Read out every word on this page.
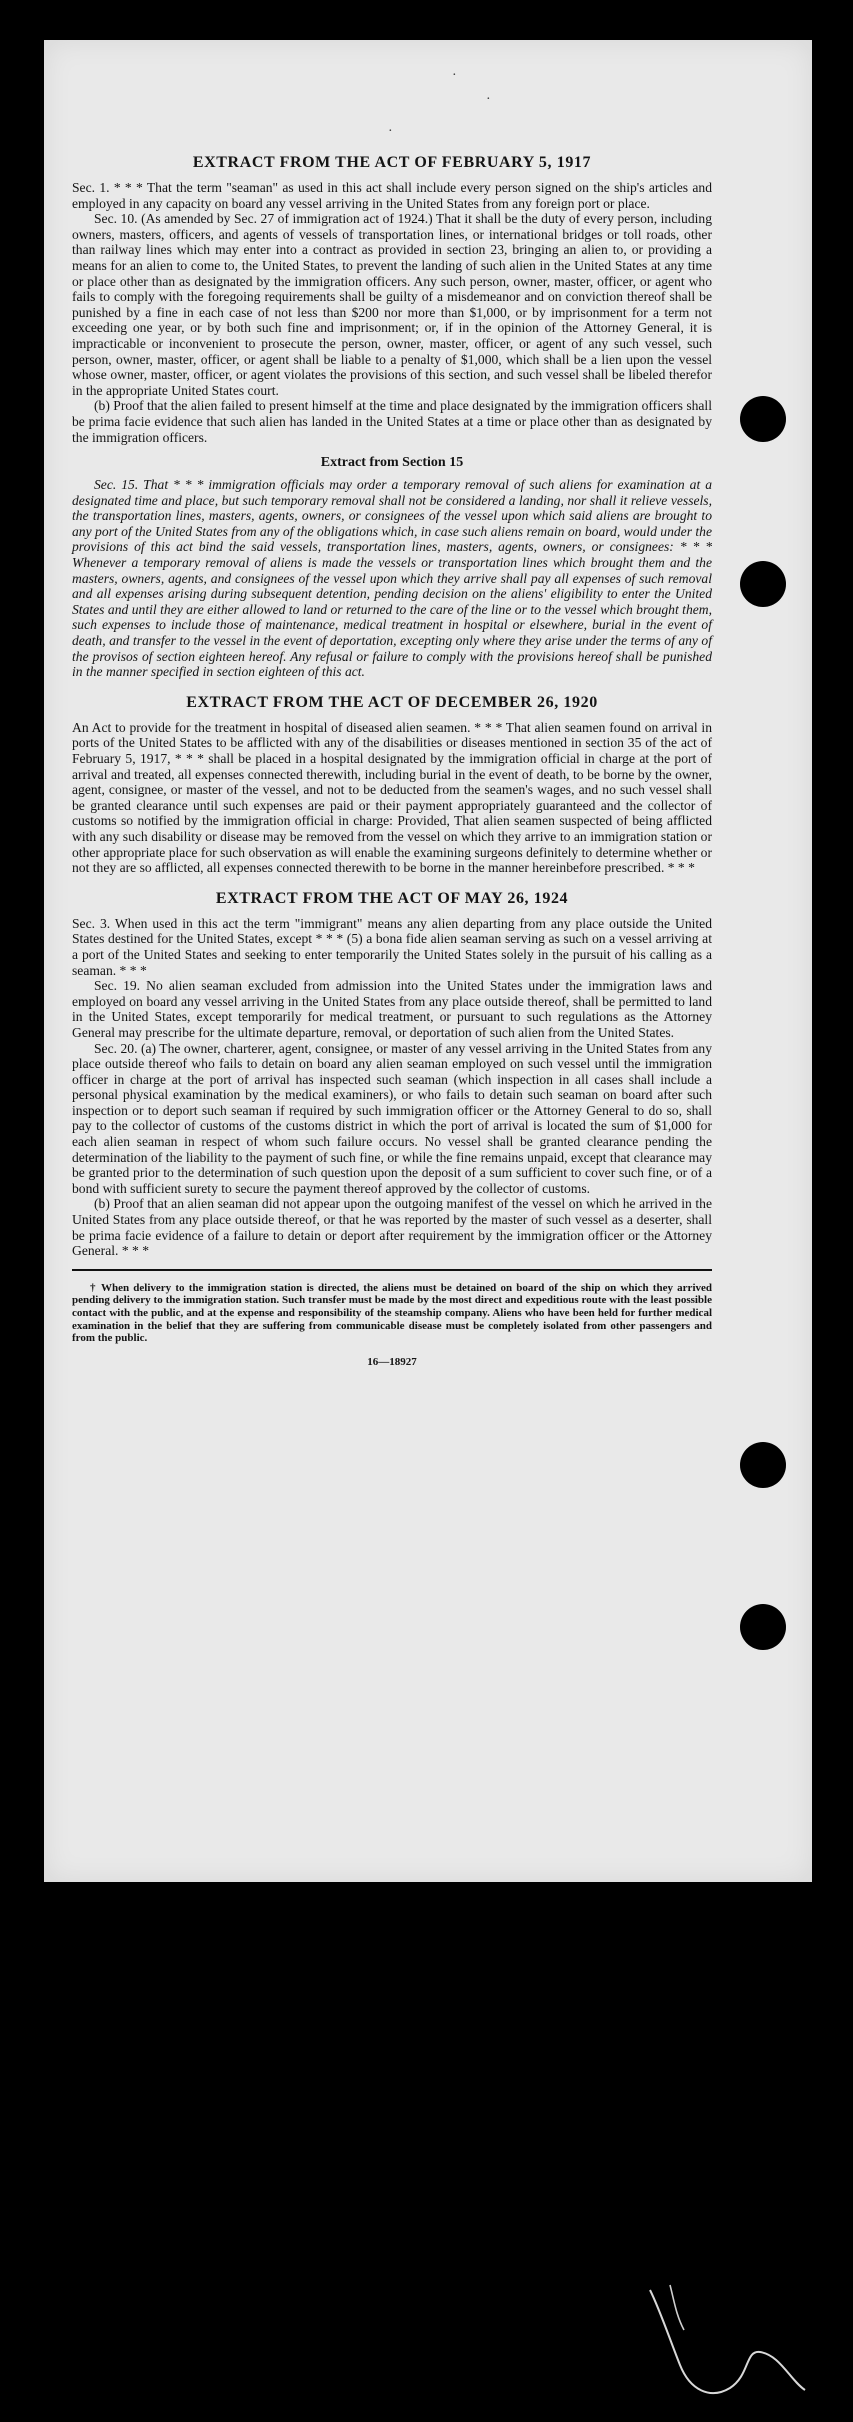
·
·
·
EXTRACT FROM THE ACT OF FEBRUARY 5, 1917

Sec. 1. * * * That the term "seaman" as used in this act shall include every person signed on the ship's articles and employed in any capacity on board any vessel arriving in the United States from any foreign port or place.

Sec. 10. (As amended by Sec. 27 of immigration act of 1924.) That it shall be the duty of every person, including owners, masters, officers, and agents of vessels of transportation lines, or international bridges or toll roads, other than railway lines which may enter into a contract as provided in section 23, bringing an alien to, or providing a means for an alien to come to, the United States, to prevent the landing of such alien in the United States at any time or place other than as designated by the immigration officers. Any such person, owner, master, officer, or agent who fails to comply with the foregoing requirements shall be guilty of a misdemeanor and on conviction thereof shall be punished by a fine in each case of not less than $200 nor more than $1,000, or by imprisonment for a term not exceeding one year, or by both such fine and imprisonment; or, if in the opinion of the Attorney General, it is impracticable or inconvenient to prosecute the person, owner, master, officer, or agent of any such vessel, such person, owner, master, officer, or agent shall be liable to a penalty of $1,000, which shall be a lien upon the vessel whose owner, master, officer, or agent violates the provisions of this section, and such vessel shall be libeled therefor in the appropriate United States court.

(b) Proof that the alien failed to present himself at the time and place designated by the immigration officers shall be prima facie evidence that such alien has landed in the United States at a time or place other than as designated by the immigration officers.

Extract from Section 15

Sec. 15. That * * * immigration officials may order a temporary removal of such aliens for examination at a designated time and place, but such temporary removal shall not be considered a landing, nor shall it relieve vessels, the transportation lines, masters, agents, owners, or consignees of the vessel upon which said aliens are brought to any port of the United States from any of the obligations which, in case such aliens remain on board, would under the provisions of this act bind the said vessels, transportation lines, masters, agents, owners, or consignees: * * * Whenever a temporary removal of aliens is made the vessels or transportation lines which brought them and the masters, owners, agents, and consignees of the vessel upon which they arrive shall pay all expenses of such removal and all expenses arising during subsequent detention, pending decision on the aliens' eligibility to enter the United States and until they are either allowed to land or returned to the care of the line or to the vessel which brought them, such expenses to include those of maintenance, medical treatment in hospital or elsewhere, burial in the event of death, and transfer to the vessel in the event of deportation, excepting only where they arise under the terms of any of the provisos of section eighteen hereof. Any refusal or failure to comply with the provisions hereof shall be punished in the manner specified in section eighteen of this act.

EXTRACT FROM THE ACT OF DECEMBER 26, 1920

An Act to provide for the treatment in hospital of diseased alien seamen. * * * That alien seamen found on arrival in ports of the United States to be afflicted with any of the disabilities or diseases mentioned in section 35 of the act of February 5, 1917, * * * shall be placed in a hospital designated by the immigration official in charge at the port of arrival and treated, all expenses connected therewith, including burial in the event of death, to be borne by the owner, agent, consignee, or master of the vessel, and not to be deducted from the seamen's wages, and no such vessel shall be granted clearance until such expenses are paid or their payment appropriately guaranteed and the collector of customs so notified by the immigration official in charge: Provided, That alien seamen suspected of being afflicted with any such disability or disease may be removed from the vessel on which they arrive to an immigration station or other appropriate place for such observation as will enable the examining surgeons definitely to determine whether or not they are so afflicted, all expenses connected therewith to be borne in the manner hereinbefore prescribed. * * *

EXTRACT FROM THE ACT OF MAY 26, 1924

Sec. 3. When used in this act the term "immigrant" means any alien departing from any place outside the United States destined for the United States, except * * * (5) a bona fide alien seaman serving as such on a vessel arriving at a port of the United States and seeking to enter temporarily the United States solely in the pursuit of his calling as a seaman. * * *

Sec. 19. No alien seaman excluded from admission into the United States under the immigration laws and employed on board any vessel arriving in the United States from any place outside thereof, shall be permitted to land in the United States, except temporarily for medical treatment, or pursuant to such regulations as the Attorney General may prescribe for the ultimate departure, removal, or deportation of such alien from the United States.

Sec. 20. (a) The owner, charterer, agent, consignee, or master of any vessel arriving in the United States from any place outside thereof who fails to detain on board any alien seaman employed on such vessel until the immigration officer in charge at the port of arrival has inspected such seaman (which inspection in all cases shall include a personal physical examination by the medical examiners), or who fails to detain such seaman on board after such inspection or to deport such seaman if required by such immigration officer or the Attorney General to do so, shall pay to the collector of customs of the customs district in which the port of arrival is located the sum of $1,000 for each alien seaman in respect of whom such failure occurs. No vessel shall be granted clearance pending the determination of the liability to the payment of such fine, or while the fine remains unpaid, except that clearance may be granted prior to the determination of such question upon the deposit of a sum sufficient to cover such fine, or of a bond with sufficient surety to secure the payment thereof approved by the collector of customs.

(b) Proof that an alien seaman did not appear upon the outgoing manifest of the vessel on which he arrived in the United States from any place outside thereof, or that he was reported by the master of such vessel as a deserter, shall be prima facie evidence of a failure to detain or deport after requirement by the immigration officer or the Attorney General. * * *

† When delivery to the immigration station is directed, the aliens must be detained on board of the ship on which they arrived pending delivery to the immigration station. Such transfer must be made by the most direct and expeditious route with the least possible contact with the public, and at the expense and responsibility of the steamship company. Aliens who have been held for further medical examination in the belief that they are suffering from communicable disease must be completely isolated from other passengers and from the public.

16—18927
